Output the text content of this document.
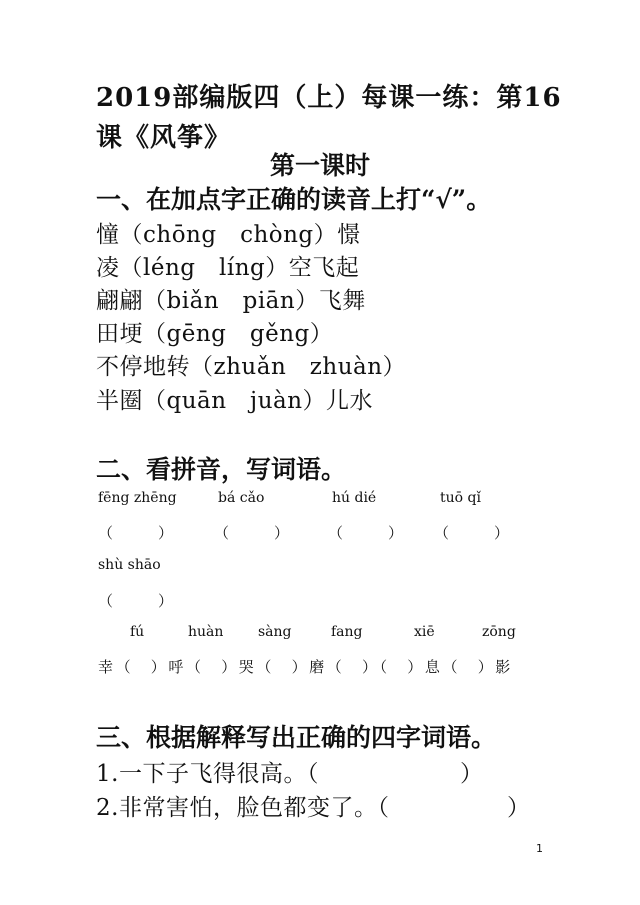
2019部编版四（上）每课一练：第16课《风筝》
第一课时
一、在加点字正确的读音上打“√”。
憧（chōng　chòng）憬
凌（léng　líng）空飞起
翩翩（biǎn　piān）飞舞
田埂（gēng　gěng）
不停地转（zhuǎn　zhuàn）
半圈（quān　juàn）儿水
二、看拼音，写词语。
fēng zhēng	bá cǎo	hú dié	tuō qǐ
（　　　）	（　　　）	（　　　） （　　　）
shù shāo
（　　　）
fú	huàn sàng	fang	xiē	zōng
幸（　）呼（　）哭（　）磨（　）（　）息（　）影
三、根据解释写出正确的四字词语。
1.一下子飞得很高。（　　　　　　）
2.非常害怕，脸色都变了。（　　　　　）
1
